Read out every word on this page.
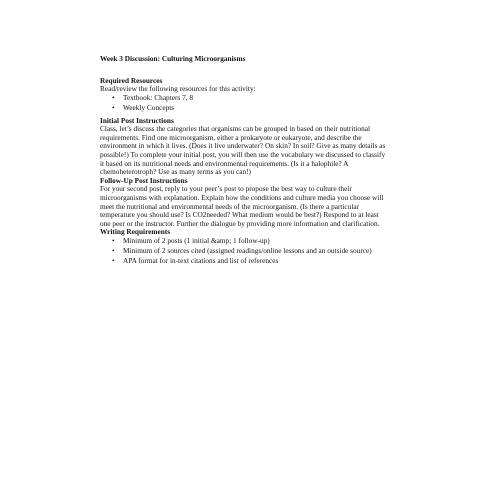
Week 3 Discussion: Culturing Microorganisms
Required Resources
Read/review the following resources for this activity:
• Textbook: Chapters 7, 8
• Weekly Concepts
Initial Post Instructions
Class, let’s discuss the categories that organisms can be grouped in based on their nutritional
requirements. Find one microorganism, either a prokaryote or eukaryote, and describe the
environment in which it lives. (Does it live underwater? On skin? In soil? Give as many details as
possible!) To complete your initial post, you will then use the vocabulary we discussed to classify
it based on its nutritional needs and environmental requirements. (Is it a halophile? A
chemoheterotroph? Use as many terms as you can!)
Follow-Up Post Instructions
For your second post, reply to your peer’s post to propose the best way to culture their
microorganisms with explanation. Explain how the conditions and culture media you choose will
meet the nutritional and environmental needs of the microorganism. (Is there a particular
temperature you should use? Is CO2needed? What medium would be best?) Respond to at least
one peer or the instructor. Further the dialogue by providing more information and clarification.
Writing Requirements
• Minimum of 2 posts (1 initial &amp; 1 follow-up)
• Minimum of 2 sources cited (assigned readings/online lessons and an outside source)
• APA format for in-text citations and list of references
